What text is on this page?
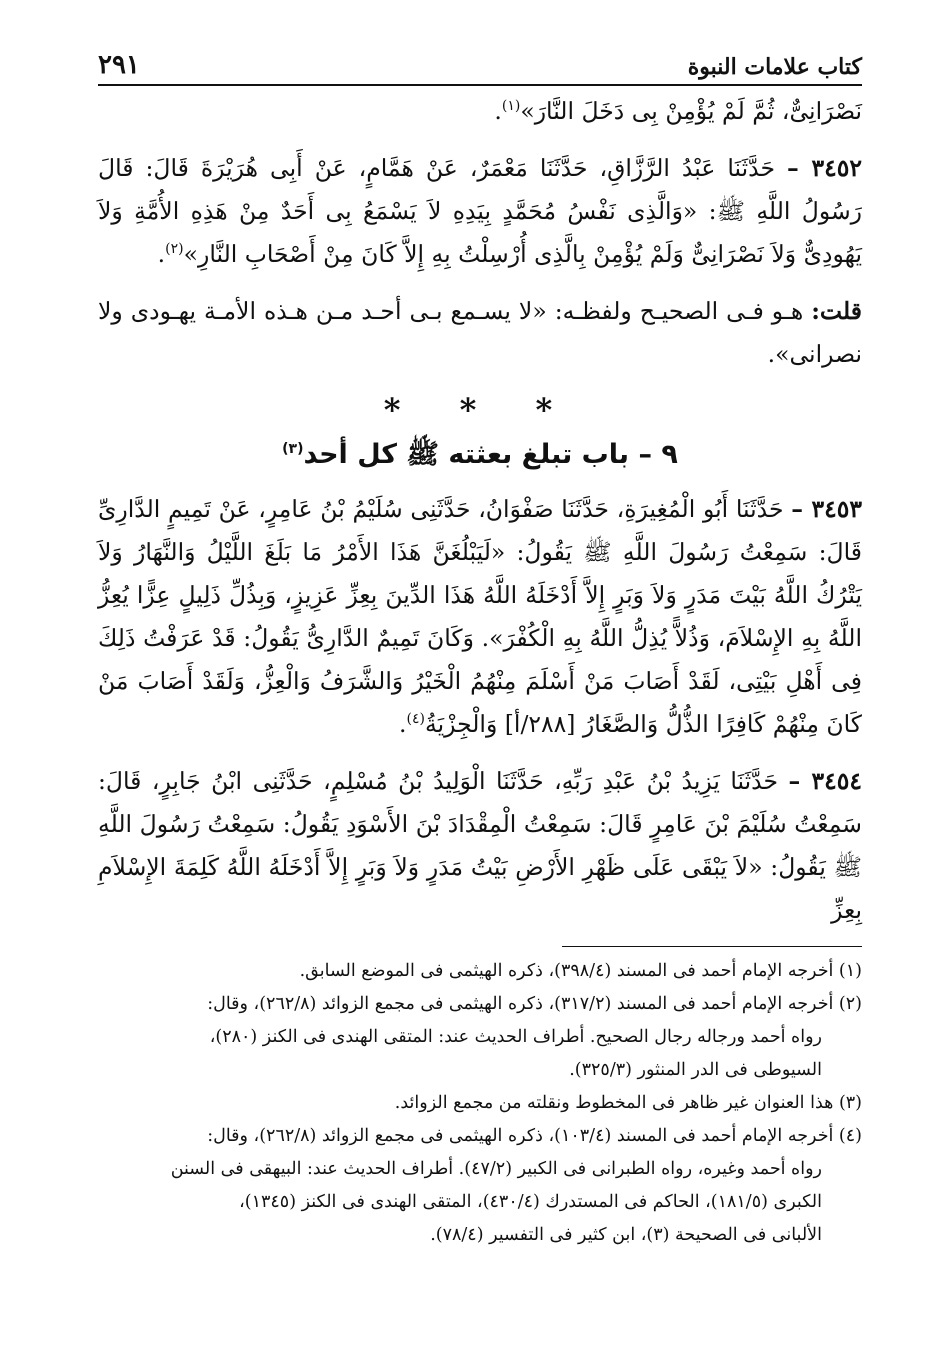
كتاب علامات النبوة
٢٩١

نَصْرَانِىٌّ، ثُمَّ لَمْ يُؤْمِنْ بِى دَخَلَ النَّارَ»$^{(١)}$.

٣٤٥٢ – حَدَّثَنَا عَبْدُ الرَّزَّاقِ، حَدَّثَنَا مَعْمَرٌ، عَنْ هَمَّامٍ، عَنْ أَبِى هُرَيْرَةَ قَالَ: قَالَ رَسُولُ اللَّهِ ﷺ: «وَالَّذِى نَفْسُ مُحَمَّدٍ بِيَدِهِ لاَ يَسْمَعُ بِى أَحَدٌ مِنْ هَذِهِ الأُمَّةِ وَلاَ يَهُودِىٌّ وَلاَ نَصْرَانِىٌّ وَلَمْ يُؤْمِنْ بِالَّذِى أُرْسِلْتُ بِهِ إِلاَّ كَانَ مِنْ أَصْحَابِ النَّارِ»$^{(٢)}$.

قلت: هـو فـى الصحيـح ولفظـه: «لا يسـمع بـى أحـد مـن هـذه الأمـة يهـودى ولا نصرانى».

* * *
٩ – باب تبلغ بعثته ﷺ كل أحد$^{(٣)}$

٣٤٥٣ – حَدَّثَنَا أَبُو الْمُغِيرَةِ، حَدَّثَنَا صَفْوَانُ، حَدَّثَنِى سُلَيْمُ بْنُ عَامِرٍ، عَنْ تَمِيمٍ الدَّارِىِّ قَالَ: سَمِعْتُ رَسُولَ اللَّهِ ﷺ يَقُولُ: «لَيَبْلُغَنَّ هَذَا الأَمْرُ مَا بَلَغَ اللَّيْلُ وَالنَّهَارُ وَلاَ يَتْرُكُ اللَّهُ بَيْتَ مَدَرٍ وَلاَ وَبَرٍ إِلاَّ أَدْخَلَهُ اللَّهُ هَذَا الدِّينَ بِعِزِّ عَزِيزٍ، وَبِذُلِّ ذَلِيلٍ عِزًّا يُعِزُّ اللَّهُ بِهِ الإِسْلاَمَ، وَذُلاًّ يُذِلُّ اللَّهُ بِهِ الْكُفْرَ». وَكَانَ تَمِيمٌ الدَّارِىُّ يَقُولُ: قَدْ عَرَفْتُ ذَلِكَ فِى أَهْلِ بَيْتِى، لَقَدْ أَصَابَ مَنْ أَسْلَمَ مِنْهُمُ الْخَيْرُ وَالشَّرَفُ وَالْعِزُّ، وَلَقَدْ أَصَابَ مَنْ كَانَ مِنْهُمْ كَافِرًا الذُّلُّ وَالصَّغَارُ [٢٨٨/أ] وَالْجِزْيَةُ$^{(٤)}$.

٣٤٥٤ – حَدَّثَنَا يَزِيدُ بْنُ عَبْدِ رَبِّهِ، حَدَّثَنَا الْوَلِيدُ بْنُ مُسْلِمٍ، حَدَّثَنِى ابْنُ جَابِرٍ، قَالَ: سَمِعْتُ سُلَيْمَ بْنَ عَامِرٍ قَالَ: سَمِعْتُ الْمِقْدَادَ بْنَ الأَسْوَدِ يَقُولُ: سَمِعْتُ رَسُولَ اللَّهِ ﷺ يَقُولُ: «لاَ يَبْقَى عَلَى ظَهْرِ الأَرْضِ بَيْتُ مَدَرٍ وَلاَ وَبَرٍ إِلاَّ أَدْخَلَهُ اللَّهُ كَلِمَةَ الإِسْلاَمِ بِعِزِّ

(١) أخرجه الإمام أحمد فى المسند (٣٩٨/٤)، ذكره الهيثمى فى الموضع السابق.

(٢) أخرجه الإمام أحمد فى المسند (٣١٧/٢)، ذكره الهيثمى فى مجمع الزوائد (٢٦٢/٨)، وقال:
رواه أحمد ورجاله رجال الصحيح. أطراف الحديث عند: المتقى الهندى فى الكنز (٢٨٠)،
السيوطى فى الدر المنثور (٣٢٥/٣).

(٣) هذا العنوان غير ظاهر فى المخطوط ونقلته من مجمع الزوائد.

(٤) أخرجه الإمام أحمد فى المسند (١٠٣/٤)، ذكره الهيثمى فى مجمع الزوائد (٢٦٢/٨)، وقال:
رواه أحمد وغيره، رواه الطبرانى فى الكبير (٤٧/٢). أطراف الحديث عند: البيهقى فى السنن
الكبرى (١٨١/٥)، الحاكم فى المستدرك (٤٣٠/٤)، المتقى الهندى فى الكنز (١٣٤٥)،
الألبانى فى الصحيحة (٣)، ابن كثير فى التفسير (٧٨/٤).
